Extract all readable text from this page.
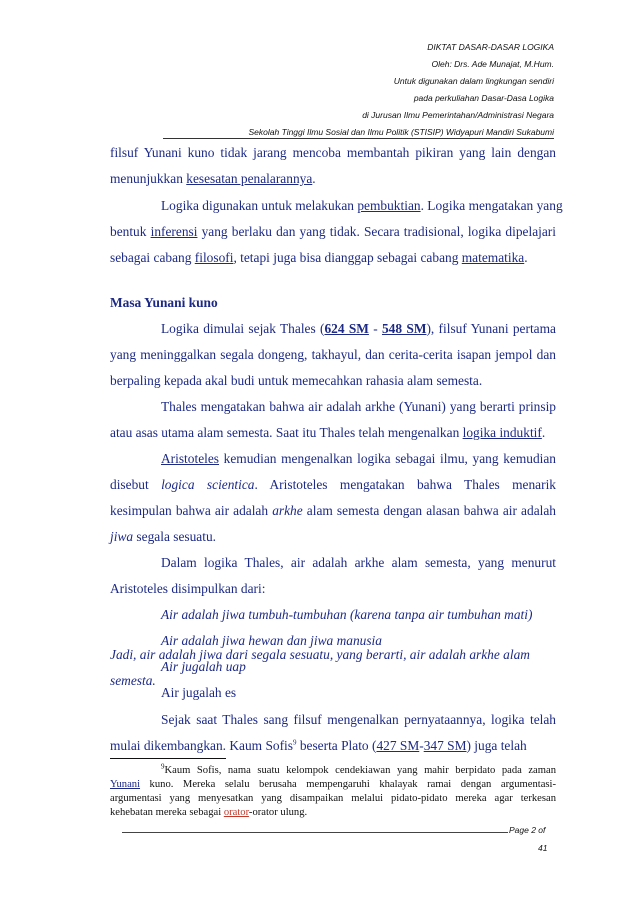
DIKTAT DASAR-DASAR LOGIKA
Oleh: Drs. Ade Munajat, M.Hum.
Untuk digunakan dalam lingkungan sendiri
pada perkuliahan Dasar-Dasa Logika
di Jurusan Ilmu Pemerintahan/Administrasi Negara
Sekolah Tinggi Ilmu Sosial dan Ilmu Politik (STISIP) Widyapuri Mandiri Sukabumi
filsuf Yunani kuno tidak jarang mencoba membantah pikiran yang lain dengan
menunjukkan kesesatan penalarannya.
Logika digunakan untuk melakukan pembuktian. Logika mengatakan yang
bentuk inferensi yang berlaku dan yang tidak. Secara tradisional, logika dipelajari
sebagai cabang filosofi, tetapi juga bisa dianggap sebagai cabang matematika.
Masa Yunani kuno
Logika dimulai sejak Thales (624 SM - 548 SM), filsuf Yunani pertama
yang meninggalkan segala dongeng, takhayul, dan cerita-cerita isapan jempol dan
berpaling kepada akal budi untuk memecahkan rahasia alam semesta.
Thales mengatakan bahwa air adalah arkhe (Yunani) yang berarti prinsip
atau asas utama alam semesta. Saat itu Thales telah mengenalkan logika induktif.
Aristoteles kemudian mengenalkan logika sebagai ilmu, yang kemudian
disebut logica scientica. Aristoteles mengatakan bahwa Thales menarik
kesimpulan bahwa air adalah arkhe alam semesta dengan alasan bahwa air adalah
jiwa segala sesuatu.
Dalam logika Thales, air adalah arkhe alam semesta, yang menurut
Aristoteles disimpulkan dari:
Air adalah jiwa tumbuh-tumbuhan (karena tanpa air tumbuhan mati)
Air adalah jiwa hewan dan jiwa manusia
Air jugalah uap
Air jugalah es
Jadi, air adalah jiwa dari segala sesuatu, yang berarti, air adalah arkhe alam
semesta.
Sejak saat Thales sang filsuf mengenalkan pernyataannya, logika telah
mulai dikembangkan. Kaum Sofis$^9$ beserta Plato (427 SM-347 SM) juga telah
$^9$Kaum Sofis, nama suatu kelompok cendekiawan yang mahir berpidato pada zaman
Yunani kuno. Mereka selalu berusaha mempengaruhi khalayak ramai dengan argumentasi-
argumentasi yang menyesatkan yang disampaikan melalui pidato-pidato mereka agar terkesan
kehebatan mereka sebagai orator-orator ulung.
Page 2 of
41
